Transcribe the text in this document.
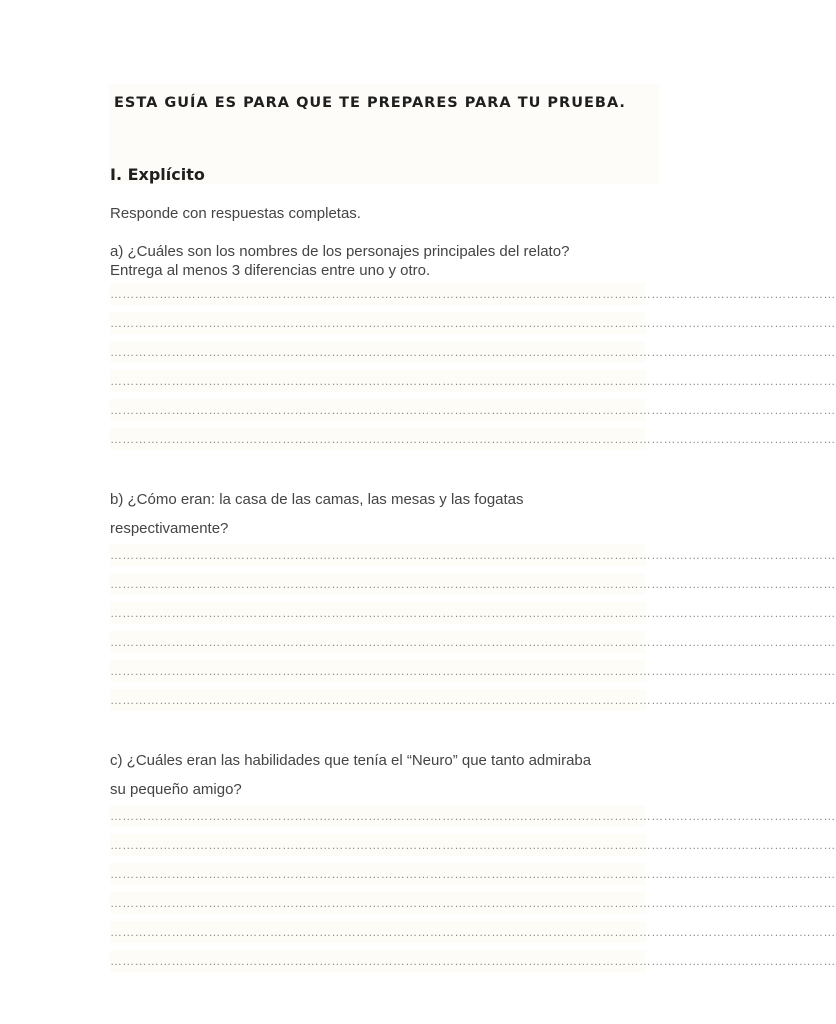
ESTA GUÍA ES PARA QUE TE PREPARES PARA TU PRUEBA.
I. Explícito
Responde con respuestas completas.
a) ¿Cuáles son los nombres de los personajes principales del relato?
Entrega al menos 3 diferencias entre uno y otro.
……………………………………………………………………………………………………………………………………………………………
……………………………………………………………………………………………………………………………………………………………
……………………………………………………………………………………………………………………………………………………………
……………………………………………………………………………………………………………………………………………………………
……………………………………………………………………………………………………………………………………………………………
……………………………………………………………………………………………………………………………………………………………
b) ¿Cómo eran: la casa de las camas, las mesas y las fogatas
respectivamente?
……………………………………………………………………………………………………………………………………………………………
……………………………………………………………………………………………………………………………………………………………
……………………………………………………………………………………………………………………………………………………………
……………………………………………………………………………………………………………………………………………………………
……………………………………………………………………………………………………………………………………………………………
……………………………………………………………………………………………………………………………………………………………
c) ¿Cuáles eran las habilidades que tenía el “Neuro” que tanto admiraba
su pequeño amigo?
……………………………………………………………………………………………………………………………………………………………
……………………………………………………………………………………………………………………………………………………………
……………………………………………………………………………………………………………………………………………………………
……………………………………………………………………………………………………………………………………………………………
……………………………………………………………………………………………………………………………………………………………
……………………………………………………………………………………………………………………………………………………………
